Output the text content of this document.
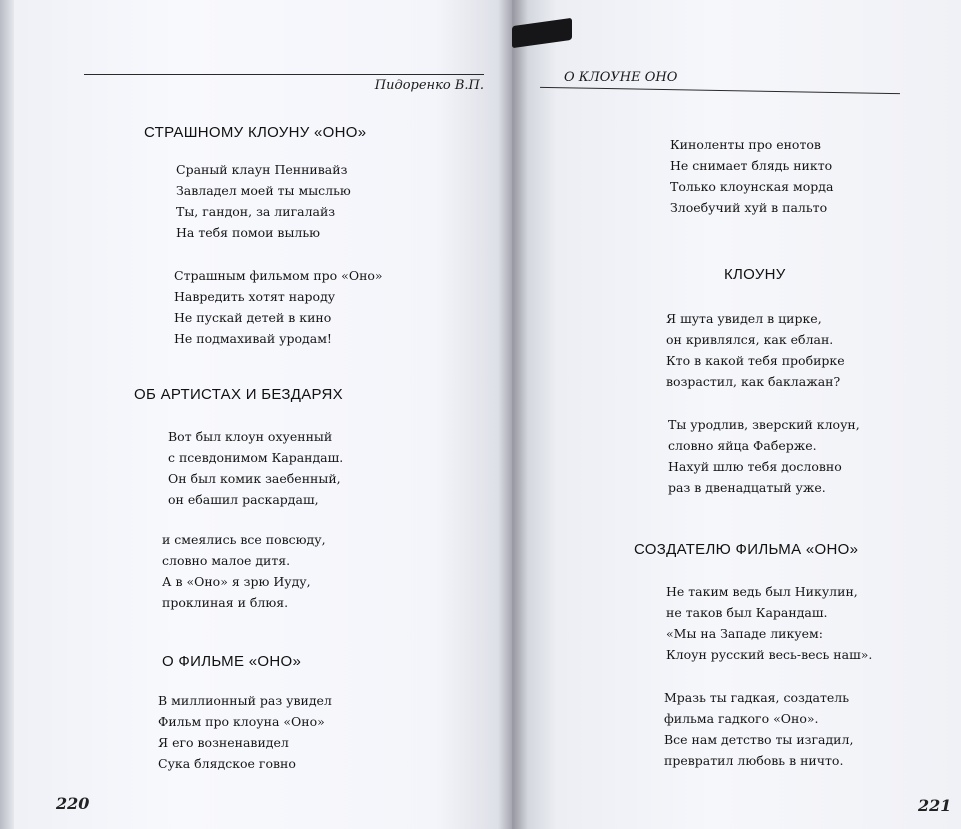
Пидоренко В.П.
СТРАШНОМУ КЛОУНУ «ОНО»
Сраный клаун Пеннивайз
Завладел моей ты мыслью
Ты, гандон, за лигалайз
На тебя помои вылью
Страшным фильмом про «Оно»
Навредить хотят народу
Не пускай детей в кино
Не подмахивай уродам!
ОБ АРТИСТАХ И БЕЗДАРЯХ
Вот был клоун охуенный
с псевдонимом Карандаш.
Он был комик заебенный,
он ебашил раскардаш,
и смеялись все повсюду,
словно малое дитя.
А в «Оно» я зрю Иуду,
проклиная и блюя.
О ФИЛЬМЕ «ОНО»
В миллионный раз увидел
Фильм про клоуна «Оно»
Я его возненавидел
Сука блядское говно
220
О КЛОУНЕ ОНО
Киноленты про енотов
Не снимает блядь никто
Только клоунская морда
Злоебучий хуй в пальто
КЛОУНУ
Я шута увидел в цирке,
он кривлялся, как еблан.
Кто в какой тебя пробирке
возрастил, как баклажан?
Ты уродлив, зверский клоун,
словно яйца Фаберже.
Нахуй шлю тебя дословно
раз в двенадцатый уже.
СОЗДАТЕЛЮ ФИЛЬМА «ОНО»
Не таким ведь был Никулин,
не таков был Карандаш.
«Мы на Западе ликуем:
Клоун русский весь-весь наш».
Мразь ты гадкая, создатель
фильма гадкого «Оно».
Все нам детство ты изгадил,
превратил любовь в ничто.
221
